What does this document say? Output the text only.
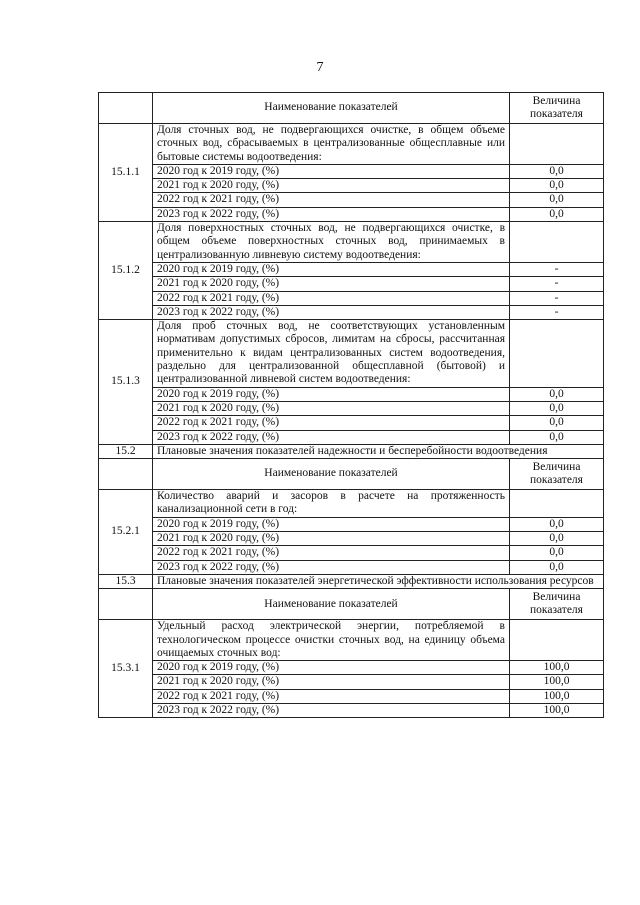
7
	Наименование показателей	Величина показателя
15.1.1	Доля сточных вод, не подвергающихся очистке, в общем объеме сточных вод, сбрасываемых в централизованные общесплавные или бытовые системы водоотведения:	
	2020 год к 2019 году, (%)	0,0
	2021 год к 2020 году, (%)	0,0
	2022 год к 2021 году, (%)	0,0
	2023 год к 2022 году, (%)	0,0
15.1.2	Доля поверхностных сточных вод, не подвергающихся очистке, в общем объеме поверхностных сточных вод, принимаемых в централизованную ливневую систему водоотведения:	
	2020 год к 2019 году, (%)	-
	2021 год к 2020 году, (%)	-
	2022 год к 2021 году, (%)	-
	2023 год к 2022 году, (%)	-
15.1.3	Доля проб сточных вод, не соответствующих установленным нормативам допустимых сбросов, лимитам на сбросы, рассчитанная применительно к видам централизованных систем водоотведения, раздельно для централизованной общесплавной (бытовой) и централизованной ливневой систем водоотведения:	
	2020 год к 2019 году, (%)	0,0
	2021 год к 2020 году, (%)	0,0
	2022 год к 2021 году, (%)	0,0
	2023 год к 2022 году, (%)	0,0
15.2	Плановые значения показателей надежности и бесперебойности водоотведения	
	Наименование показателей	Величина показателя
15.2.1	Количество аварий и засоров в расчете на протяженность канализационной сети в год:	
	2020 год к 2019 году, (%)	0,0
	2021 год к 2020 году, (%)	0,0
	2022 год к 2021 году, (%)	0,0
	2023 год к 2022 году, (%)	0,0
15.3	Плановые значения показателей энергетической эффективности использования ресурсов	
	Наименование показателей	Величина показателя
15.3.1	Удельный расход электрической энергии, потребляемой в технологическом процессе очистки сточных вод, на единицу объема очищаемых сточных вод:	
	2020 год к 2019 году, (%)	100,0
	2021 год к 2020 году, (%)	100,0
	2022 год к 2021 году, (%)	100,0
	2023 год к 2022 году, (%)	100,0
